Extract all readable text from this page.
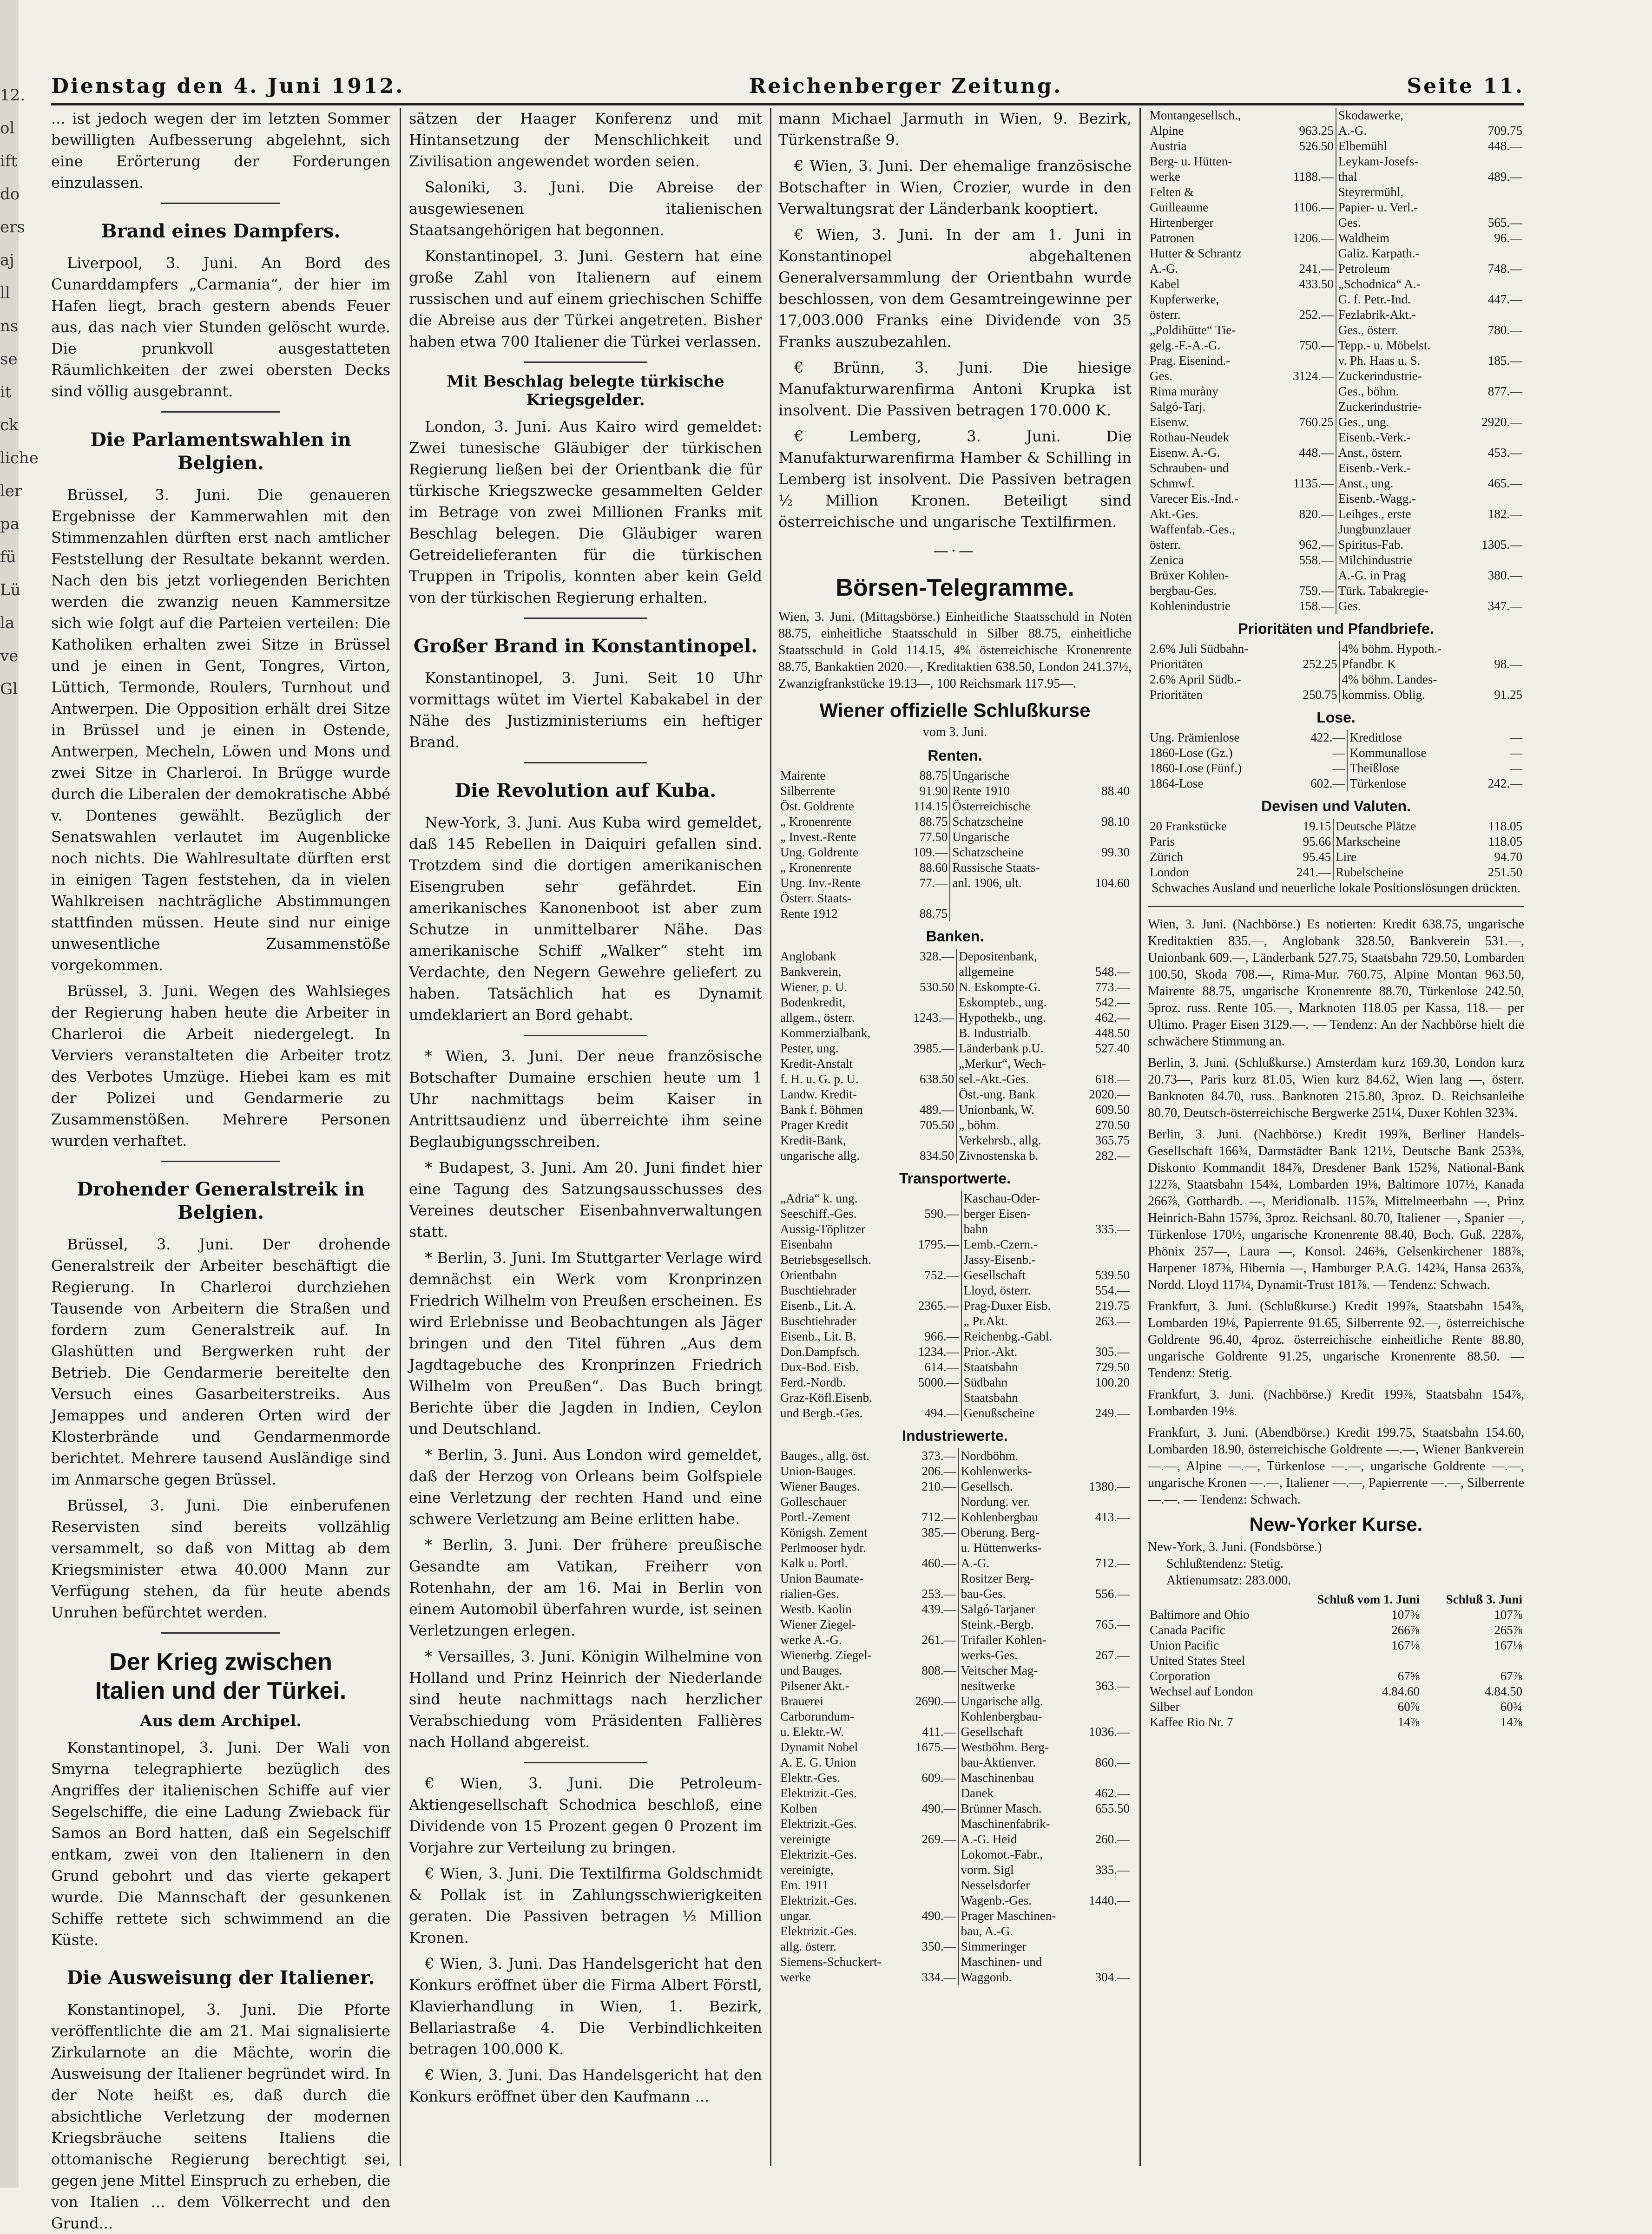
12.
ol
ift
do
ers
aj
ll
ns
se
it
ck
liche
ler
pa
fü
Lü
la
ve
Gl
Dienstag den 4. Juni 1912.	Reichenberger Zeitung.	Seite 11.

... ist jedoch wegen der im letzten Sommer bewilligten Aufbesserung abgelehnt, sich eine Erörterung der Forderungen einzulassen.

Brand eines Dampfers.

Liverpool, 3. Juni. An Bord des Cunarddampfers „Carmania“, der hier im Hafen liegt, brach gestern abends Feuer aus, das nach vier Stunden gelöscht wurde. Die prunkvoll ausgestatteten Räumlichkeiten der zwei obersten Decks sind völlig ausgebrannt.

Die Parlamentswahlen in Belgien.

Brüssel, 3. Juni. Die genaueren Ergebnisse der Kammerwahlen mit den Stimmenzahlen dürften erst nach amtlicher Feststellung der Resultate bekannt werden. Nach den bis jetzt vorliegenden Berichten werden die zwanzig neuen Kammersitze sich wie folgt auf die Parteien verteilen: Die Katholiken erhalten zwei Sitze in Brüssel und je einen in Gent, Tongres, Virton, Lüttich, Termonde, Roulers, Turnhout und Antwerpen. Die Opposition erhält drei Sitze in Brüssel und je einen in Ostende, Antwerpen, Mecheln, Löwen und Mons und zwei Sitze in Charleroi. In Brügge wurde durch die Liberalen der demokratische Abbé v. Dontenes gewählt. Bezüglich der Senatswahlen verlautet im Augenblicke noch nichts. Die Wahlresultate dürften erst in einigen Tagen feststehen, da in vielen Wahlkreisen nachträgliche Abstimmungen stattfinden müssen. Heute sind nur einige unwesentliche Zusammenstöße vorgekommen.

Brüssel, 3. Juni. Wegen des Wahlsieges der Regierung haben heute die Arbeiter in Charleroi die Arbeit niedergelegt. In Verviers veranstalteten die Arbeiter trotz des Verbotes Umzüge. Hiebei kam es mit der Polizei und Gendarmerie zu Zusammenstößen. Mehrere Personen wurden verhaftet.

Drohender Generalstreik in Belgien.

Brüssel, 3. Juni. Der drohende Generalstreik der Arbeiter beschäftigt die Regierung. In Charleroi durchziehen Tausende von Arbeitern die Straßen und fordern zum Generalstreik auf. In Glashütten und Bergwerken ruht der Betrieb. Die Gendarmerie bereitelte den Versuch eines Gasarbeiterstreiks. Aus Jemappes und anderen Orten wird der Klosterbrände und Gendarmenmorde berichtet. Mehrere tausend Ausländige sind im Anmarsche gegen Brüssel.

Brüssel, 3. Juni. Die einberufenen Reservisten sind bereits vollzählig versammelt, so daß von Mittag ab dem Kriegsminister etwa 40.000 Mann zur Verfügung stehen, da für heute abends Unruhen befürchtet werden.

Der Krieg zwischen
Italien und der Türkei.
Aus dem Archipel.

Konstantinopel, 3. Juni. Der Wali von Smyrna telegraphierte bezüglich des Angriffes der italienischen Schiffe auf vier Segelschiffe, die eine Ladung Zwieback für Samos an Bord hatten, daß ein Segelschiff entkam, zwei von den Italienern in den Grund gebohrt und das vierte gekapert wurde. Die Mannschaft der gesunkenen Schiffe rettete sich schwimmend an die Küste.

Die Ausweisung der Italiener.

Konstantinopel, 3. Juni. Die Pforte veröffentlichte die am 21. Mai signalisierte Zirkularnote an die Mächte, worin die Ausweisung der Italiener begründet wird. In der Note heißt es, daß durch die absichtliche Verletzung der modernen Kriegsbräuche seitens Italiens die ottomanische Regierung berechtigt sei, gegen jene Mittel Einspruch zu erheben, die von Italien ... dem Völkerrecht und den Grund...

sätzen der Haager Konferenz und mit Hintansetzung der Menschlichkeit und Zivilisation angewendet worden seien.

Saloniki, 3. Juni. Die Abreise der ausgewiesenen italienischen Staatsangehörigen hat begonnen.

Konstantinopel, 3. Juni. Gestern hat eine große Zahl von Italienern auf einem russischen und auf einem griechischen Schiffe die Abreise aus der Türkei angetreten. Bisher haben etwa 700 Italiener die Türkei verlassen.

Mit Beschlag belegte türkische Kriegsgelder.

London, 3. Juni. Aus Kairo wird gemeldet: Zwei tunesische Gläubiger der türkischen Regierung ließen bei der Orientbank die für türkische Kriegszwecke gesammelten Gelder im Betrage von zwei Millionen Franks mit Beschlag belegen. Die Gläubiger waren Getreidelieferanten für die türkischen Truppen in Tripolis, konnten aber kein Geld von der türkischen Regierung erhalten.

Großer Brand in Konstantinopel.

Konstantinopel, 3. Juni. Seit 10 Uhr vormittags wütet im Viertel Kabakabel in der Nähe des Justizministeriums ein heftiger Brand.

Die Revolution auf Kuba.

New-York, 3. Juni. Aus Kuba wird gemeldet, daß 145 Rebellen in Daiquiri gefallen sind. Trotzdem sind die dortigen amerikanischen Eisengruben sehr gefährdet. Ein amerikanisches Kanonenboot ist aber zum Schutze in unmittelbarer Nähe. Das amerikanische Schiff „Walker“ steht im Verdachte, den Negern Gewehre geliefert zu haben. Tatsächlich hat es Dynamit umdeklariert an Bord gehabt.

* Wien, 3. Juni. Der neue französische Botschafter Dumaine erschien heute um 1 Uhr nachmittags beim Kaiser in Antrittsaudienz und überreichte ihm seine Beglaubigungsschreiben.

* Budapest, 3. Juni. Am 20. Juni findet hier eine Tagung des Satzungsausschusses des Vereines deutscher Eisenbahnverwaltungen statt.

* Berlin, 3. Juni. Im Stuttgarter Verlage wird demnächst ein Werk vom Kronprinzen Friedrich Wilhelm von Preußen erscheinen. Es wird Erlebnisse und Beobachtungen als Jäger bringen und den Titel führen „Aus dem Jagdtagebuche des Kronprinzen Friedrich Wilhelm von Preußen“. Das Buch bringt Berichte über die Jagden in Indien, Ceylon und Deutschland.

* Berlin, 3. Juni. Aus London wird gemeldet, daß der Herzog von Orleans beim Golfspiele eine Verletzung der rechten Hand und eine schwere Verletzung am Beine erlitten habe.

* Berlin, 3. Juni. Der frühere preußische Gesandte am Vatikan, Freiherr von Rotenhahn, der am 16. Mai in Berlin von einem Automobil überfahren wurde, ist seinen Verletzungen erlegen.

* Versailles, 3. Juni. Königin Wilhelmine von Holland und Prinz Heinrich der Niederlande sind heute nachmittags nach herzlicher Verabschiedung vom Präsidenten Fallières nach Holland abgereist.

€ Wien, 3. Juni. Die Petroleum-Aktiengesellschaft Schodnica beschloß, eine Dividende von 15 Prozent gegen 0 Prozent im Vorjahre zur Verteilung zu bringen.

€ Wien, 3. Juni. Die Textilfirma Goldschmidt & Pollak ist in Zahlungsschwierigkeiten geraten. Die Passiven betragen ½ Million Kronen.

€ Wien, 3. Juni. Das Handelsgericht hat den Konkurs eröffnet über die Firma Albert Förstl, Klavierhandlung in Wien, 1. Bezirk, Bellariastraße 4. Die Verbindlichkeiten betragen 100.000 K.

€ Wien, 3. Juni. Das Handelsgericht hat den Konkurs eröffnet über den Kaufmann ...

mann Michael Jarmuth in Wien, 9. Bezirk, Türkenstraße 9.

€ Wien, 3. Juni. Der ehemalige französische Botschafter in Wien, Crozier, wurde in den Verwaltungsrat der Länderbank kooptiert.

€ Wien, 3. Juni. In der am 1. Juni in Konstantinopel abgehaltenen Generalversammlung der Orientbahn wurde beschlossen, von dem Gesamtreingewinne per 17,003.000 Franks eine Dividende von 35 Franks auszubezahlen.

€ Brünn, 3. Juni. Die hiesige Manufakturwarenfirma Antoni Krupka ist insolvent. Die Passiven betragen 170.000 K.

€ Lemberg, 3. Juni. Die Manufakturwarenfirma Hamber & Schilling in Lemberg ist insolvent. Die Passiven betragen ½ Million Kronen. Beteiligt sind österreichische und ungarische Textilfirmen.

—·—
Börsen-Telegramme.

Wien, 3. Juni. (Mittagsbörse.) Einheitliche Staatsschuld in Noten 88.75, einheitliche Staatsschuld in Silber 88.75, einheitliche Staatsschuld in Gold 114.15, 4% österreichische Kronenrente 88.75, Bankaktien 2020.—, Kreditaktien 638.50, London 241.37½, Zwanzigfrankstücke 19.13—, 100 Reichsmark 117.95—.

Wiener offizielle Schlußkurse
vom 3. Juni.
Renten.
Mairente	88.75	Ungarische	
Silberrente	91.90	Rente 1910	88.40
Öst. Goldrente	114.15	Österreichische	
„ Kronenrente	88.75	Schatzscheine	98.10
„ Invest.-Rente	77.50	Ungarische	
Ung. Goldrente	109.—	Schatzscheine	99.30
„ Kronenrente	88.60	Russische Staats-	
Ung. Inv.-Rente	77.—	anl. 1906, ult.	104.60
Österr. Staats-			
Rente 1912	88.75		
Banken.
Anglobank	328.—	Depositenbank,	
Bankverein,		allgemeine	548.—
Wiener, p. U.	530.50	N. Eskompte-G.	773.—
Bodenkredit,		Eskompteb., ung.	542.—
allgem., österr.	1243.—	Hypothekb., ung.	462.—
Kommerzialbank,		B. Industrialb.	448.50
Pester, ung.	3985.—	Länderbank p.U.	527.40
Kredit-Anstalt		„Merkur“, Wech-	
f. H. u. G. p. U.	638.50	sel.-Akt.-Ges.	618.—
Landw. Kredit-		Öst.-ung. Bank	2020.—
Bank f. Böhmen	489.—	Unionbank, W.	609.50
Prager Kredit	705.50	„ böhm.	270.50
Kredit-Bank,		Verkehrsb., allg.	365.75
ungarische allg.	834.50	Zivnostenska b.	282.—
Transportwerte.
„Adria“ k. ung.		Kaschau-Oder-	
Seeschiff.-Ges.	590.—	berger Eisen-	
Aussig-Töplitzer		bahn	335.—
Eisenbahn	1795.—	Lemb.-Czern.-	
Betriebsgesellsch.		Jassy-Eisenb.-	
Orientbahn	752.—	Gesellschaft	539.50
Buschtiehrader		Lloyd, österr.	554.—
Eisenb., Lit. A.	2365.—	Prag-Duxer Eisb.	219.75
Buschtiehrader		„ Pr.Akt.	263.—
Eisenb., Lit. B.	966.—	Reichenbg.-Gabl.	
Don.Dampfsch.	1234.—	Prior.-Akt.	305.—
Dux-Bod. Eisb.	614.—	Staatsbahn	729.50
Ferd.-Nordb.	5000.—	Südbahn	100.20
Graz-Köfl.Eisenb.		Staatsbahn	
und Bergb.-Ges.	494.—	Genußscheine	249.—
Industriewerte.
Bauges., allg. öst.	373.—	Nordböhm.	
Union-Bauges.	206.—	Kohlenwerks-	
Wiener Bauges.	210.—	Gesellsch.	1380.—
Golleschauer		Nordung. ver.	
Portl.-Zement	712.—	Kohlenbergbau	413.—
Königsh. Zement	385.—	Oberung. Berg-	
Perlmooser hydr.		u. Hüttenwerks-	
Kalk u. Portl.	460.—	A.-G.	712.—
Union Baumate-		Rositzer Berg-	
rialien-Ges.	253.—	bau-Ges.	556.—
Westb. Kaolin	439.—	Salgó-Tarjaner	
Wiener Ziegel-		Steink.-Bergb.	765.—
werke A.-G.	261.—	Trifailer Kohlen-	
Wienerbg. Ziegel-		werks-Ges.	267.—
und Bauges.	808.—	Veitscher Mag-	
Pilsener Akt.-		nesitwerke	363.—
Brauerei	2690.—	Ungarische allg.	
Carborundum-		Kohlenbergbau-	
u. Elektr.-W.	411.—	Gesellschaft	1036.—
Dynamit Nobel	1675.—	Westböhm. Berg-	
A. E. G. Union		bau-Aktienver.	860.—
Elektr.-Ges.	609.—	Maschinenbau	
Elektrizit.-Ges.		Danek	462.—
Kolben	490.—	Brünner Masch.	655.50
Elektrizit.-Ges.		Maschinenfabrik-	
vereinigte	269.—	A.-G. Heid	260.—
Elektrizit.-Ges.		Lokomot.-Fabr.,	
vereinigte,		vorm. Sigl	335.—
Em. 1911		Nesselsdorfer	
Elektrizit.-Ges.		Wagenb.-Ges.	1440.—
ungar.	490.—	Prager Maschinen-	
Elektrizit.-Ges.		bau, A.-G.	
allg. österr.	350.—	Simmeringer	
Siemens-Schuckert-		Maschinen- und	
werke	334.—	Waggonb.	304.—
Montangesellsch.,		Skodawerke,	
Alpine	963.25	A.-G.	709.75
Austria	526.50	Elbemühl	448.—
Berg- u. Hütten-		Leykam-Josefs-	
werke	1188.—	thal	489.—
Felten &		Steyrermühl,	
Guilleaume	1106.—	Papier- u. Verl.-	
Hirtenberger		Ges.	565.—
Patronen	1206.—	Waldheim	96.—
Hutter & Schrantz		Galiz. Karpath.-	
A.-G.	241.—	Petroleum	748.—
Kabel	433.50	„Schodnica“ A.-	
Kupferwerke,		G. f. Petr.-Ind.	447.—
österr.	252.—	Fezlabrik-Akt.-	
„Poldihütte“ Tie-		Ges., österr.	780.—
gelg.-F.-A.-G.	750.—	Tepp.- u. Möbelst.	
Prag. Eisenind.-		v. Ph. Haas u. S.	185.—
Ges.	3124.—	Zuckerindustrie-	
Rima muràny		Ges., böhm.	877.—
Salgó-Tarj.		Zuckerindustrie-	
Eisenw.	760.25	Ges., ung.	2920.—
Rothau-Neudek		Eisenb.-Verk.-	
Eisenw. A.-G.	448.—	Anst., österr.	453.—
Schrauben- und		Eisenb.-Verk.-	
Schmwf.	1135.—	Anst., ung.	465.—
Varecer Eis.-Ind.-		Eisenb.-Wagg.-	
Akt.-Ges.	820.—	Leihges., erste	182.—
Waffenfab.-Ges.,		Jungbunzlauer	
österr.	962.—	Spiritus-Fab.	1305.—
Zenica	558.—	Milchindustrie	
Brüxer Kohlen-		A.-G. in Prag	380.—
bergbau-Ges.	759.—	Türk. Tabakregie-	
Kohlenindustrie	158.—	Ges.	347.—
Prioritäten und Pfandbriefe.
2.6% Juli Südbahn-		4% böhm. Hypoth.-	
Prioritäten	252.25	Pfandbr. K	98.—
2.6% April Südb.-		4% böhm. Landes-	
Prioritäten	250.75	kommiss. Oblig.	91.25
Lose.
Ung. Prämienlose	422.—	Kreditlose	—
1860-Lose (Gz.)	—	Kommunallose	—
1860-Lose (Fünf.)	—	Theißlose	—
1864-Lose	602.—	Türkenlose	242.—
Devisen und Valuten.
20 Frankstücke	19.15	Deutsche Plätze	118.05
Paris	95.66	Markscheine	118.05
Zürich	95.45	Lire	94.70
London	241.—	Rubelscheine	251.50

Schwaches Ausland und neuerliche lokale Positionslösungen drückten.

Wien, 3. Juni. (Nachbörse.) Es notierten: Kredit 638.75, ungarische Kreditaktien 835.—, Anglobank 328.50, Bankverein 531.—, Unionbank 609.—, Länderbank 527.75, Staatsbahn 729.50, Lombarden 100.50, Skoda 708.—, Rima-Mur. 760.75, Alpine Montan 963.50, Mairente 88.75, ungarische Kronenrente 88.70, Türkenlose 242.50, 5proz. russ. Rente 105.—, Marknoten 118.05 per Kassa, 118.— per Ultimo. Prager Eisen 3129.—. — Tendenz: An der Nachbörse hielt die schwächere Stimmung an.

Berlin, 3. Juni. (Schlußkurse.) Amsterdam kurz 169.30, London kurz 20.73—, Paris kurz 81.05, Wien kurz 84.62, Wien lang —, österr. Banknoten 84.70, russ. Banknoten 215.80, 3proz. D. Reichsanleihe 80.70, Deutsch-österreichische Bergwerke 251¼, Duxer Kohlen 323¾.

Berlin, 3. Juni. (Nachbörse.) Kredit 199⅞, Berliner Handels-Gesellschaft 166¾, Darmstädter Bank 121½, Deutsche Bank 253⅜, Diskonto Kommandit 184⅞, Dresdener Bank 152⅝, National-Bank 122⅞, Staatsbahn 154¾, Lombarden 19⅛, Baltimore 107½, Kanada 266⅞, Gotthardb. —, Meridionalb. 115⅞, Mittelmeerbahn —, Prinz Heinrich-Bahn 157⅝, 3proz. Reichsanl. 80.70, Italiener —, Spanier —, Türkenlose 170½, ungarische Kronenrente 88.40, Boch. Guß. 228⅞, Phönix 257—, Laura —, Konsol. 246⅜, Gelsenkirchener 188⅞, Harpener 187⅜, Hibernia —, Hamburger P.A.G. 142¾, Hansa 263⅞, Nordd. Lloyd 117¼, Dynamit-Trust 181⅞. — Tendenz: Schwach.

Frankfurt, 3. Juni. (Schlußkurse.) Kredit 199⅞, Staatsbahn 154⅞, Lombarden 19⅛, Papierrente 91.65, Silberrente 92.—, österreichische Goldrente 96.40, 4proz. österreichische einheitliche Rente 88.80, ungarische Goldrente 91.25, ungarische Kronenrente 88.50. — Tendenz: Stetig.

Frankfurt, 3. Juni. (Nachbörse.) Kredit 199⅞, Staatsbahn 154⅞, Lombarden 19⅛.

Frankfurt, 3. Juni. (Abendbörse.) Kredit 199.75, Staatsbahn 154.60, Lombarden 18.90, österreichische Goldrente —.—, Wiener Bankverein —.—, Alpine —.—, Türkenlose —.—, ungarische Goldrente —.—, ungarische Kronen —.—, Italiener —.—, Papierrente —.—, Silberrente —.—. — Tendenz: Schwach.

New-Yorker Kurse.
New-York, 3. Juni. (Fondsbörse.)
Schlußtendenz: Stetig.
Aktienumsatz: 283.000.
	Schluß vom 1. Juni	Schluß 3. Juni
Baltimore and Ohio	107⅜	107⅞
Canada Pacific	266⅞	265⅞
Union Pacific	167⅛	167⅛
United States Steel		
Corporation	67⅝	67⅞
Wechsel auf London	4.84.60	4.84.50
Silber	60⅞	60¾
Kaffee Rio Nr. 7	14⅞	14⅞
